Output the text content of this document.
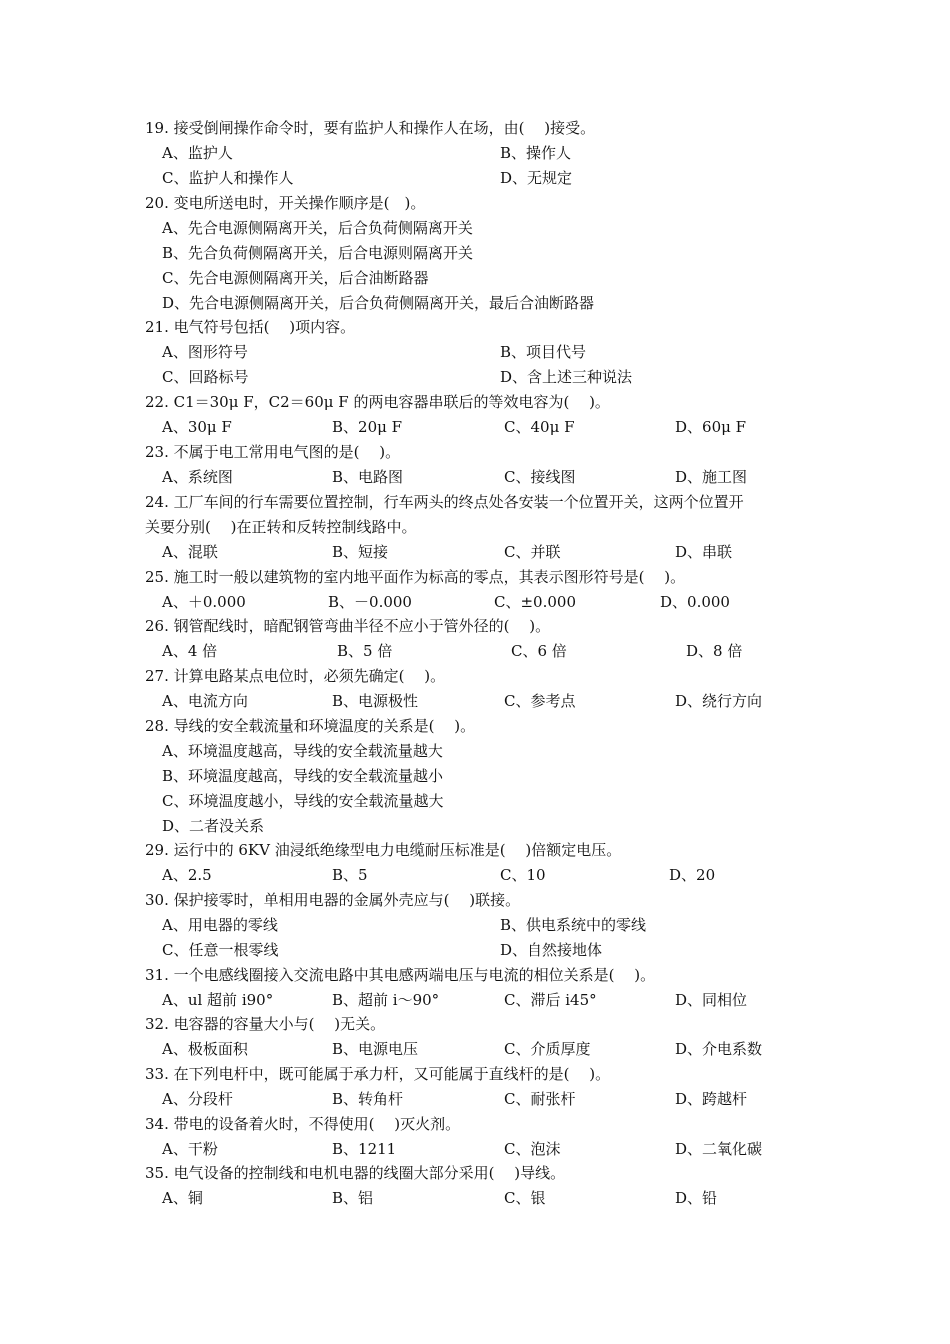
19. 接受倒闸操作命令时，要有监护人和操作人在场，由(　 )接受。
A、监护人	B、操作人
C、监护人和操作人	D、无规定
20. 变电所送电时，开关操作顺序是(　)。
A、先合电源侧隔离开关，后合负荷侧隔离开关
B、先合负荷侧隔离开关，后合电源则隔离开关
C、先合电源侧隔离开关，后合油断路器
D、先合电源侧隔离开关，后合负荷侧隔离开关，最后合油断路器
21. 电气符号包括(　 )项内容。
A、图形符号	B、项目代号
C、回路标号	D、含上述三种说法
22. C1＝30μ F，C2＝60μ F 的两电容器串联后的等效电容为(　 )。
A、30μ F	B、20μ F	C、40μ F	D、60μ F
23. 不属于电工常用电气图的是(　 )。
A、系统图	B、电路图	C、接线图	D、施工图
24. 工厂车间的行车需要位置控制，行车两头的终点处各安装一个位置开关，这两个位置开
关要分别(　 )在正转和反转控制线路中。
A、混联	B、短接	C、并联	D、串联
25. 施工时一般以建筑物的室内地平面作为标高的零点，其表示图形符号是(　 )。
A、＋0.000	B、－0.000	C、±0.000	D、0.000
26. 钢管配线时，暗配钢管弯曲半径不应小于管外径的(　 )。
A、4 倍	B、5 倍	C、6 倍	D、8 倍
27. 计算电路某点电位时，必须先确定(　 )。
A、电流方向	B、电源极性	C、参考点	D、绕行方向
28. 导线的安全载流量和环境温度的关系是(　 )。
A、环境温度越高，导线的安全载流量越大
B、环境温度越高，导线的安全载流量越小
C、环境温度越小，导线的安全载流量越大
D、二者没关系
29. 运行中的 6KV 油浸纸绝缘型电力电缆耐压标准是(　 )倍额定电压。
A、2.5	B、5	C、10	D、20
30. 保护接零时，单相用电器的金属外壳应与(　 )联接。
A、用电器的零线	B、供电系统中的零线
C、任意一根零线	D、自然接地体
31. 一个电感线圈接入交流电路中其电感两端电压与电流的相位关系是(　 )。
A、ul 超前 i90°	B、超前 i～90°	C、滞后 i45°	D、同相位
32. 电容器的容量大小与(　 )无关。
A、极板面积	B、电源电压	C、介质厚度	D、介电系数
33. 在下列电杆中，既可能属于承力杆，又可能属于直线杆的是(　 )。
A、分段杆	B、转角杆	C、耐张杆	D、跨越杆
34. 带电的设备着火时，不得使用(　 )灭火剂。
A、干粉	B、1211	C、泡沫	D、二氧化碳
35. 电气设备的控制线和电机电器的线圈大部分采用(　 )导线。
A、铜	B、铝	C、银	D、铅
